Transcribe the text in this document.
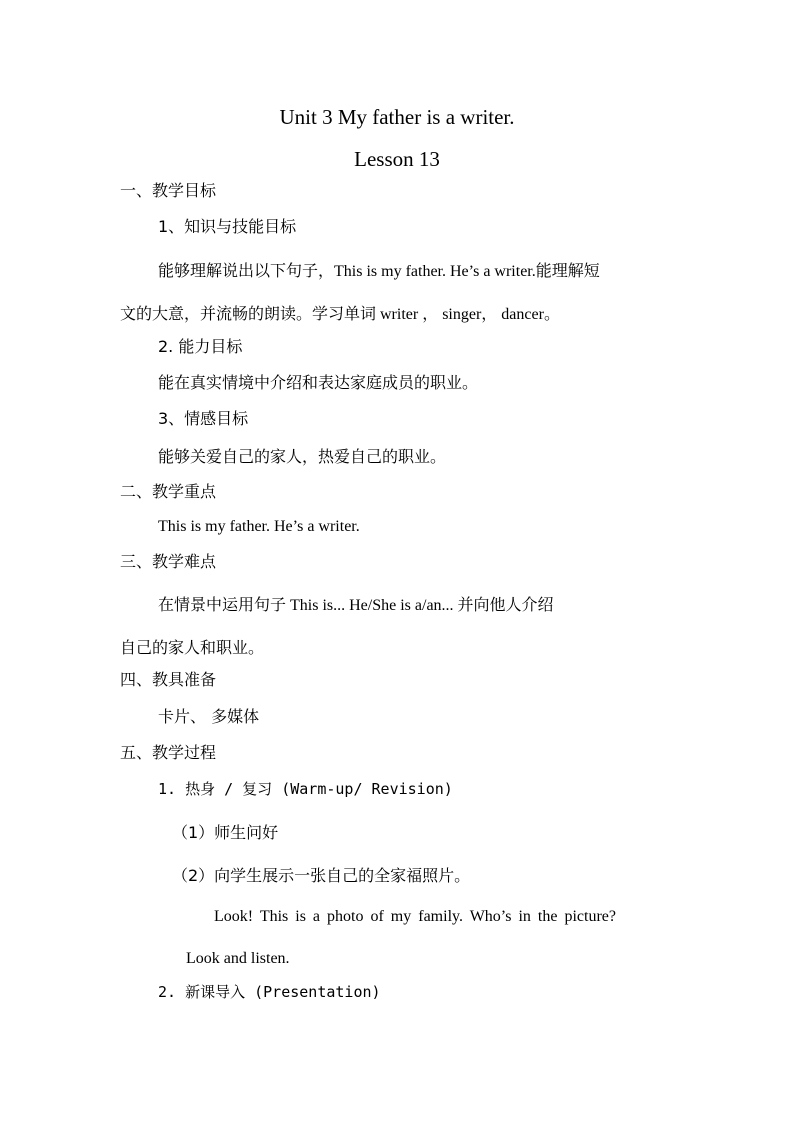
Unit 3 My father is a writer.
Lesson 13
一、教学目标
1、知识与技能目标
能够理解说出以下句子，This is my father. He’s a writer.能理解短
文的大意，并流畅的朗读。学习单词 writer ， singer， dancer。
2. 能力目标
能在真实情境中介绍和表达家庭成员的职业。
3、情感目标
能够关爱自己的家人，热爱自己的职业。
二、教学重点
This is my father. He’s a writer.
三、教学难点
在情景中运用句子 This is... He/She is a/an... 并向他人介绍
自己的家人和职业。
四、教具准备
卡片、 多媒体
五、教学过程
1. 热身 / 复习 (Warm-up/ Revision)
（1）师生问好
（2）向学生展示一张自己的全家福照片。
Look! This is a photo of my family. Who’s in the picture?
Look and listen.
2. 新课导入 (Presentation)
